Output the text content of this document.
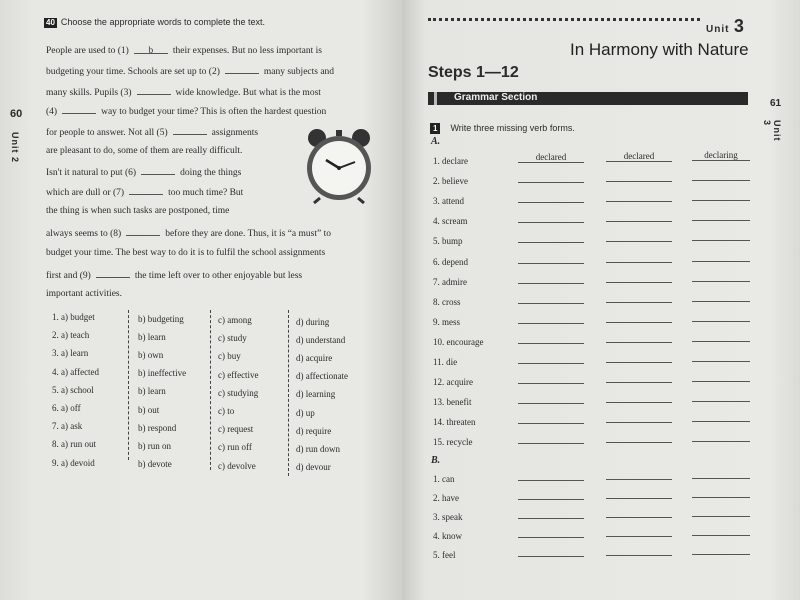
60
Unit 2
40 Choose the appropriate words to complete the text.
People are used to (1) b their expenses. But no less important is
budgeting your time. Schools are set up to (2)	many subjects and
many skills. Pupils (3)	wide knowledge. But what is the most
(4)	way to budget your time? This is often the hardest question
for people to answer. Not all (5)	assignments
are pleasant to do, some of them are really difficult.
Isn't it natural to put (6)	doing the things
which are dull or (7)	too much time? But
the thing is when such tasks are postponed, time
always seems to (8)	before they are done. Thus, it is “a must” to
budget your time. The best way to do it is to fulfil the school assignments
first and (9)	the time left over to other enjoyable but less
important activities.
1. a) budget	b) budgeting	c) among	d) during
2. a) teach	b) learn	c) study	d) understand
3. a) learn	b) own	c) buy	d) acquire
4. a) affected	b) ineffective	c) effective	d) affectionate
5. a) school	b) learn	c) studying	d) learning
6. a) off	b) out	c) to	d) up
7. a) ask	b) respond	c) request	d) require
8. a) run out	b) run on	c) run off	d) run down
9. a) devoid	b) devote	c) devolve	d) devour
Unit 3
In Harmony with Nature
Steps 1—12
Grammar Section
61
Unit 3
1 Write three missing verb forms.
A.
1. declare	declared	declared	declaring
2. believe
3. attend
4. scream
5. bump
6. depend
7. admire
8. cross
9. mess
10. encourage
11. die
12. acquire
13. benefit
14. threaten
15. recycle
B.
1. can
2. have
3. speak
4. know
5. feel
